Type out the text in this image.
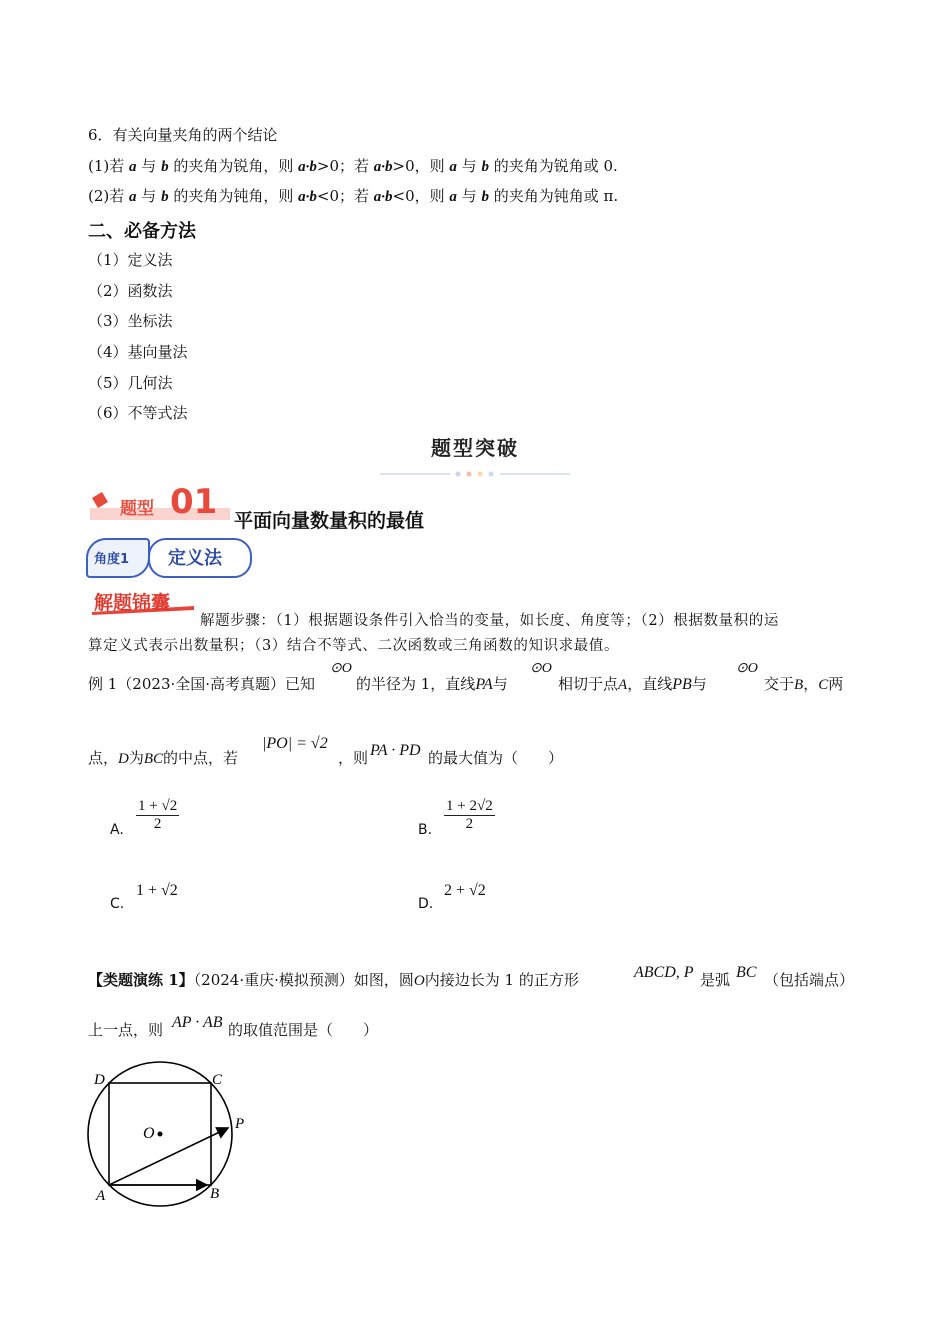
6．有关向量夹角的两个结论
(1)若 a 与 b 的夹角为锐角，则 a·b>0；若 a·b>0，则 a 与 b 的夹角为锐角或 0.
(2)若 a 与 b 的夹角为钝角，则 a·b<0；若 a·b<0，则 a 与 b 的夹角为钝角或 π.
二、必备方法
（1）定义法
（2）函数法
（3）坐标法
（4）基向量法
（5）几何法
（6）不等式法
题型突破
题型 01 平面向量数量积的最值
角度1 定义法
解题锦囊
解题步骤：（1）根据题设条件引入恰当的变量，如长度、角度等；（2）根据数量积的运
算定义式表示出数量积；（3）结合不等式、二次函数或三角函数的知识求最值。
例 1（2023·全国·高考真题）已知
⊙O
的半径为 1，直线PA与
⊙O
相切于点A，直线PB与
⊙O
交于B，C两
点，D为BC的中点，若
|PO| = √2
，则 PA · PD 的最大值为（　　）
A. $\frac{1 + √2}{2}$	B. $\frac{1 + 2√2}{2}$
C.
1 + √2
D.
2 + √2
【类题演练 1】（2024·重庆·模拟预测）如图，圆O内接边长为 1 的正方形	ABCD, P 是弧 BC （包括端点）
上一点，则 AP · AB 的取值范围是（　　）
D	C
O
P
A	B
